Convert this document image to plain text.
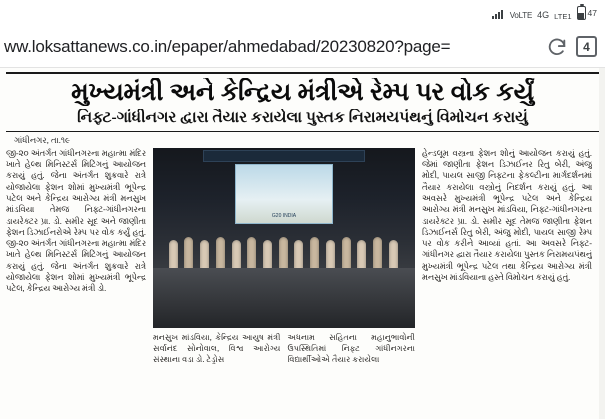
VoLTE 4G LTE1 47
ww.loksattanews.co.in/epaper/ahmedabad/20230820?page=	4
મુખ્યમંત્રી અને કેન્દ્રિય મંત્રીએ રેમ્પ પર વોક કર્યું
નિફ્ટ-ગાંધીનગર દ્વારા તૈયાર કરાયેલા પુસ્તક નિરામયપંથનું વિમોચન કરાયું
ગાંધીનગર, તા.૧૯
જી-૨૦ અંતર્ગત ગાંધીનગરના મહાત્મા મંદિર ખાતે હેલ્થ મિનિસ્ટર્સ મિટિંગનું આયોજન કરાયું હતું. જેના અંતર્ગત શુક્રવારે રાત્રે યોજાયેલા ફેશન શોમાં મુખ્યમંત્રી ભૂપેન્દ્ર પટેલ અને કેન્દ્રિય આરોગ્ય મંત્રી મનસુખ માંડવિયા તેમજ નિફ્ટ-ગાંધીનગરના ડાયરેક્ટર પ્રા. ડો. સમીર સૂદ અને જાણીતા ફેશન ડિઝાઈનરોએ રેમ્પ પર વોક કર્યું હતું. જી-૨૦ અંતર્ગત ગાંધીનગરના મહાત્મા મંદિર ખાતે હેલ્થ મિનિસ્ટર્સ મિટિંગનું આયોજન કરાયું હતું. જેના અંતર્ગત શુક્રવારે રાત્રે યોજાયેલા ફેશન શોમાં મુખ્યમંત્રી ભૂપેન્દ્ર પટેલ, કેન્દ્રિય આરોગ્ય મંત્રી ડો.
G20 INDIA
મનસુખ માંડવિયા, કેન્દ્રિય આયુષ મંત્રી સર્વાનંદ સોનોવાલ, વિશ્વ આરોગ્ય સંસ્થાના વડા ડો. ટેડ્રોસ
અધનામ સહિતના મહાનુભાવોની ઉપસ્થિતિમાં નિફ્ટ ગાંધીનગરના વિદ્યાર્થીઓએ તૈયાર કરાયેલા
હેન્ડલૂમ વસ્ત્રના ફેશન શોનું આયોજન કરાયું હતું. જેમાં જાણીતા ફેશન ડિઝાઈનર રિતુ બેરી, અંજુ મોદી, પાયલ સાજી નિફ્ટના ફેકલ્ટીના માર્ગદર્શનમાં તૈયાર કરાયેલા વસ્ત્રોનું નિદર્શન કરાયું હતું. આ અવસરે મુખ્યમંત્રી ભૂપેન્દ્ર પટેલ અને કેન્દ્રિય આરોગ્ય મંત્રી મનસુખ માંડવિયા, નિફ્ટ-ગાંધીનગરના ડાયરેક્ટર પ્રા. ડો. સમીર સૂદ તેમજ જાણીતા ફેશન ડિઝાઈનર્સ રિતુ બેરી, અંજુ મોદી, પાયલ સાજી રેમ્પ પર વોક કરીને આવ્યાં હતાં. આ અવસરે નિફ્ટ-ગાંધીનગર દ્વારા તૈયાર કરાયેલા પુસ્તક નિરામયપંથનું મુખ્યમંત્રી ભૂપેન્દ્ર પટેલ તથા કેન્દ્રિય આરોગ્ય મંત્રી મનસુખ માંડવિયાના હસ્તે વિમોચન કરાયું હતું.
